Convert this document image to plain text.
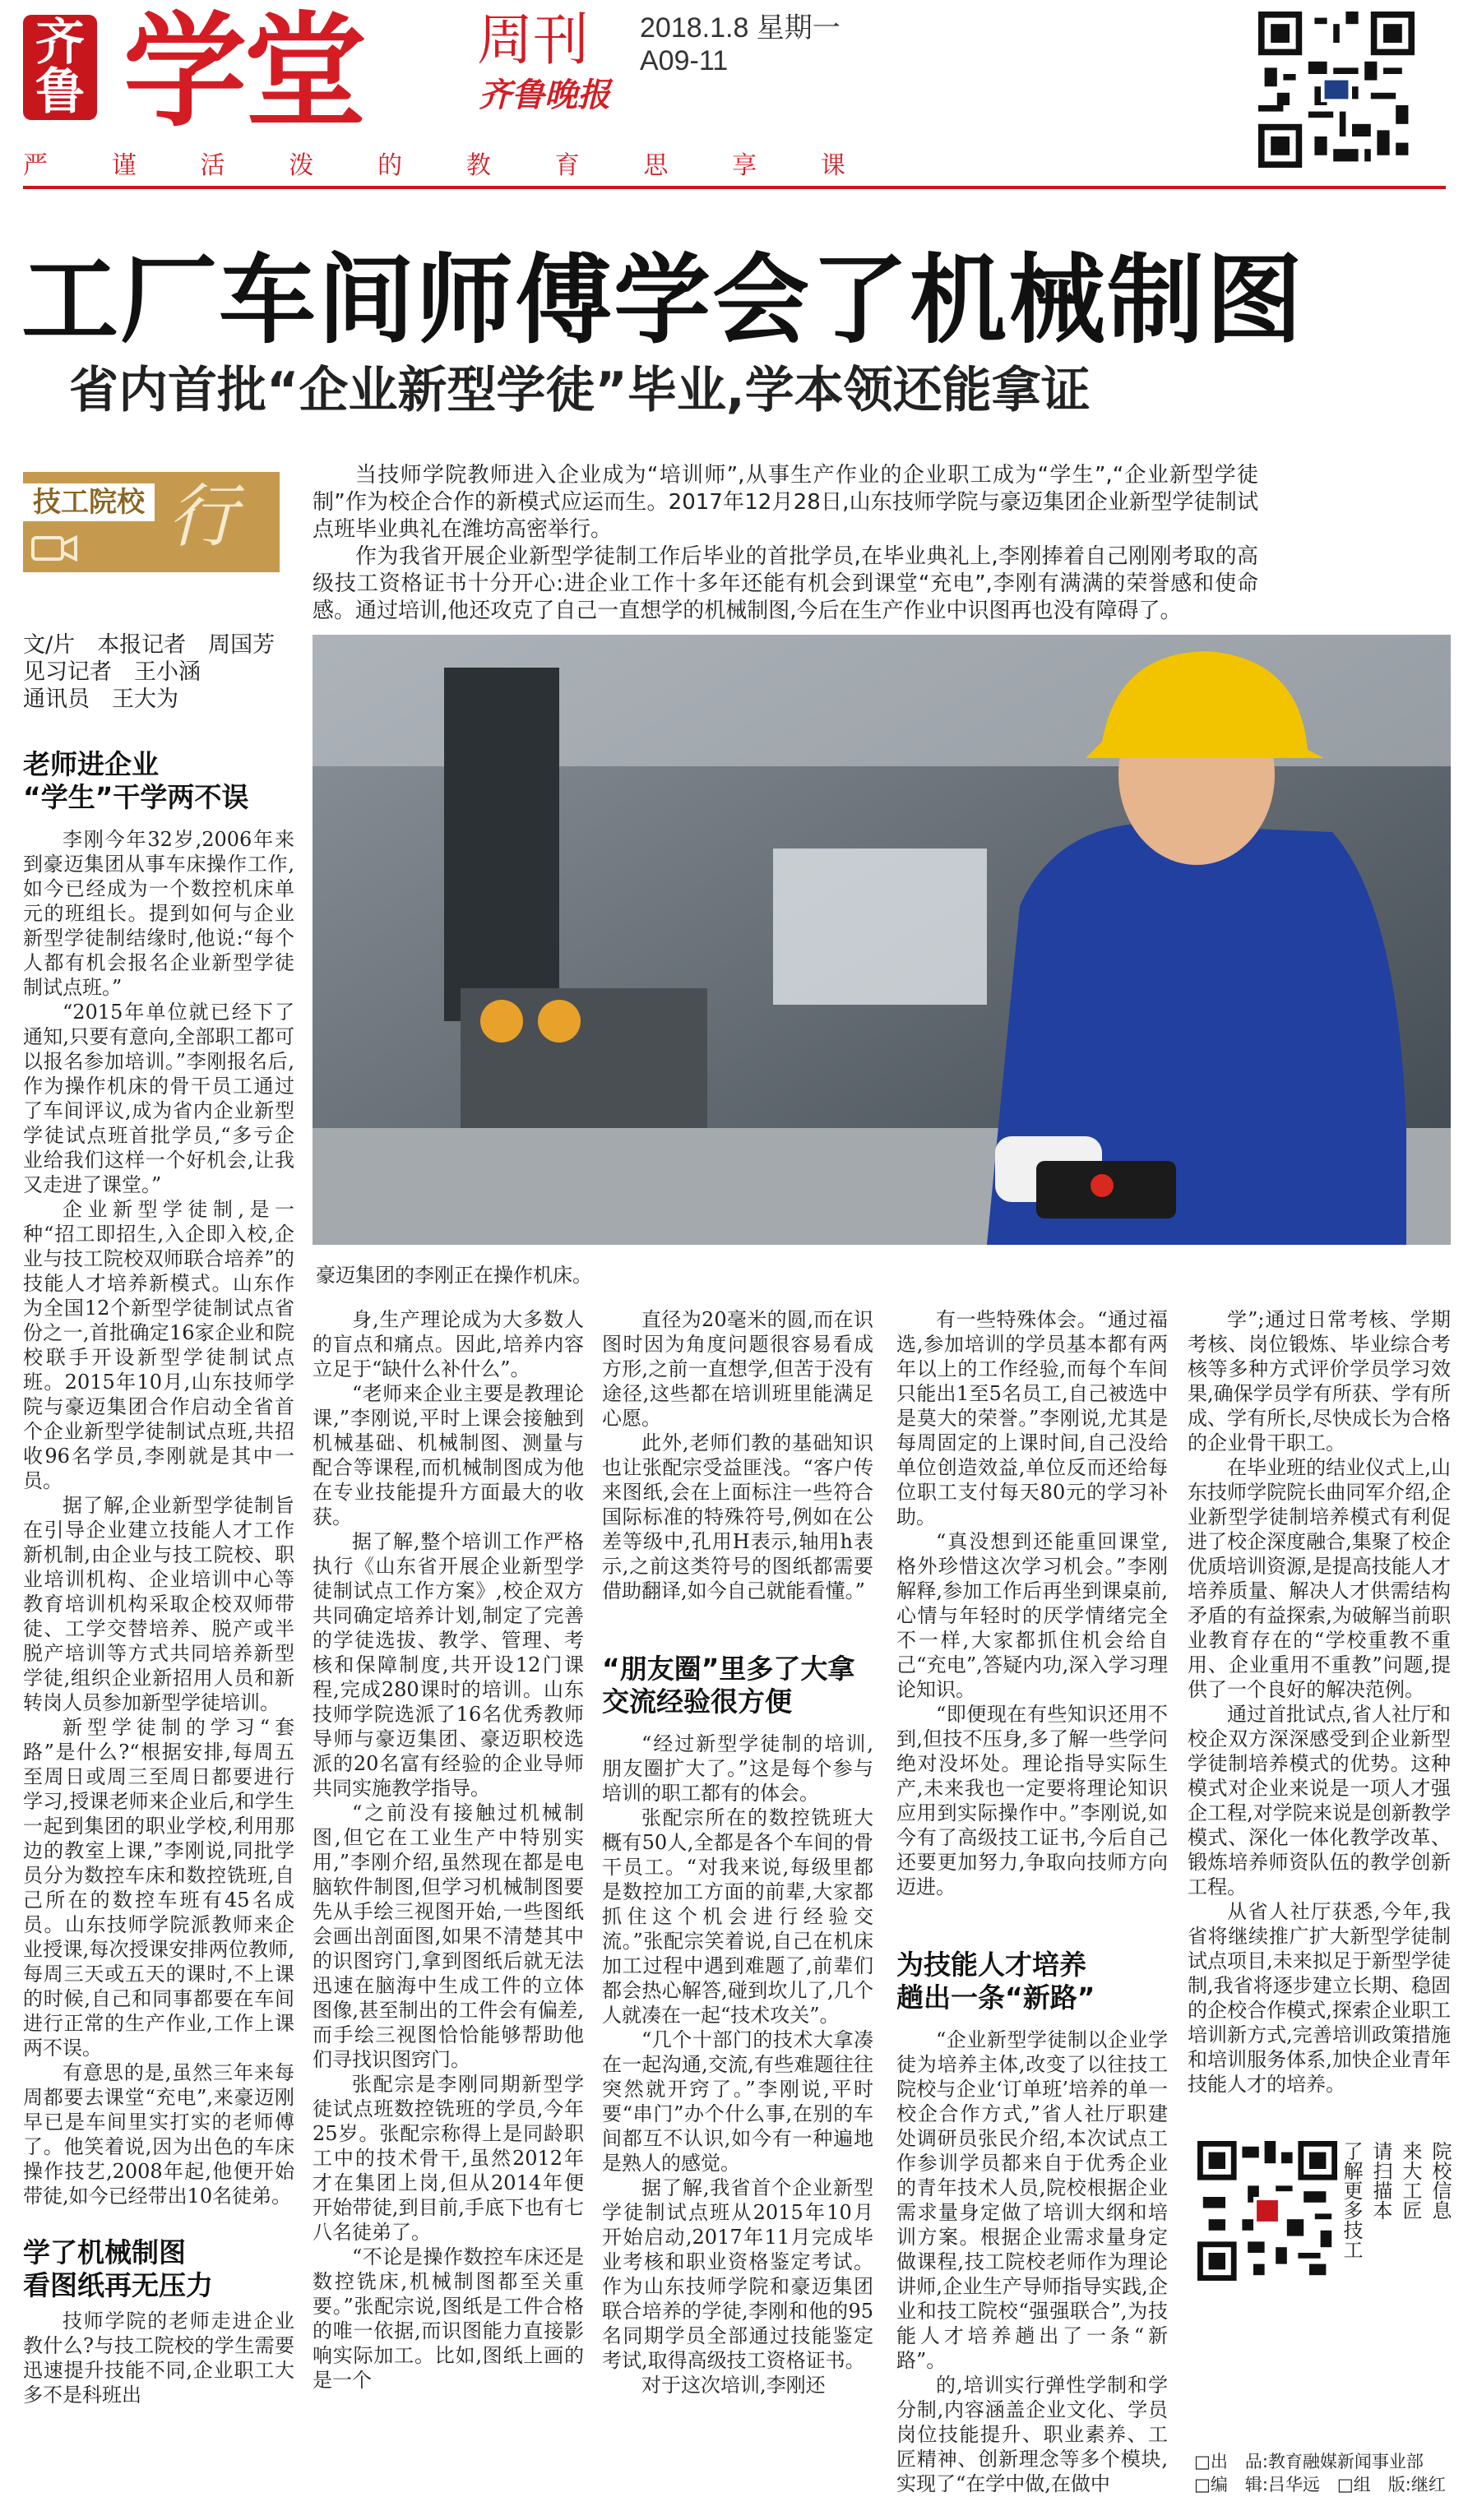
齐
鲁 学堂 周刊
齐鲁晚报
2018.1.8 星期一
A09-11
严	谨	活	泼	的	教	育	思	享	课
工厂车间师傅学会了机械制图
省内首批“企业新型学徒”毕业,学本领还能拿证
技工院校 行
当技师学院教师进入企业成为“培训师”,从事生产作业的企业职工成为“学生”,“企业新型学徒制”作为校企合作的新模式应运而生。2017年12月28日,山东技师学院与豪迈集团企业新型学徒制试点班毕业典礼在潍坊高密举行。
作为我省开展企业新型学徒制工作后毕业的首批学员,在毕业典礼上,李刚捧着自己刚刚考取的高级技工资格证书十分开心:进企业工作十多年还能有机会到课堂“充电”,李刚有满满的荣誉感和使命感。通过培训,他还攻克了自己一直想学的机械制图,今后在生产作业中识图再也没有障碍了。
文/片　本报记者　周国芳
见习记者　王小涵
通讯员　王大为
老师进企业
“学生”干学两不误

李刚今年32岁,2006年来到豪迈集团从事车床操作工作,如今已经成为一个数控机床单元的班组长。提到如何与企业新型学徒制结缘时,他说:“每个人都有机会报名企业新型学徒制试点班。”

“2015年单位就已经下了通知,只要有意向,全部职工都可以报名参加培训。”李刚报名后,作为操作机床的骨干员工通过了车间评议,成为省内企业新型学徒试点班首批学员,“多亏企业给我们这样一个好机会,让我又走进了课堂。”

企业新型学徒制,是一种“招工即招生,入企即入校,企业与技工院校双师联合培养”的技能人才培养新模式。山东作为全国12个新型学徒制试点省份之一,首批确定16家企业和院校联手开设新型学徒制试点班。2015年10月,山东技师学院与豪迈集团合作启动全省首个企业新型学徒制试点班,共招收96名学员,李刚就是其中一员。

据了解,企业新型学徒制旨在引导企业建立技能人才工作新机制,由企业与技工院校、职业培训机构、企业培训中心等教育培训机构采取企校双师带徒、工学交替培养、脱产或半脱产培训等方式共同培养新型学徒,组织企业新招用人员和新转岗人员参加新型学徒培训。

新型学徒制的学习“套路”是什么?“根据安排,每周五至周日或周三至周日都要进行学习,授课老师来企业后,和学生一起到集团的职业学校,利用那边的教室上课,”李刚说,同批学员分为数控车床和数控铣班,自己所在的数控车班有45名成员。山东技师学院派教师来企业授课,每次授课安排两位教师,每周三天或五天的课时,不上课的时候,自己和同事都要在车间进行正常的生产作业,工作上课两不误。

有意思的是,虽然三年来每周都要去课堂“充电”,来豪迈刚早已是车间里实打实的老师傅了。他笑着说,因为出色的车床操作技艺,2008年起,他便开始带徒,如今已经带出10名徒弟。

学了机械制图
看图纸再无压力

技师学院的老师走进企业教什么?与技工院校的学生需要迅速提升技能不同,企业职工大多不是科班出

豪迈集团的李刚正在操作机床。

身,生产理论成为大多数人的盲点和痛点。因此,培养内容立足于“缺什么补什么”。

“老师来企业主要是教理论课,”李刚说,平时上课会接触到机械基础、机械制图、测量与配合等课程,而机械制图成为他在专业技能提升方面最大的收获。

据了解,整个培训工作严格执行《山东省开展企业新型学徒制试点工作方案》,校企双方共同确定培养计划,制定了完善的学徒选拔、教学、管理、考核和保障制度,共开设12门课程,完成280课时的培训。山东技师学院选派了16名优秀教师导师与豪迈集团、豪迈职校选派的20名富有经验的企业导师共同实施教学指导。

“之前没有接触过机械制图,但它在工业生产中特别实用,”李刚介绍,虽然现在都是电脑软件制图,但学习机械制图要先从手绘三视图开始,一些图纸会画出剖面图,如果不清楚其中的识图窍门,拿到图纸后就无法迅速在脑海中生成工件的立体图像,甚至制出的工件会有偏差,而手绘三视图恰恰能够帮助他们寻找识图窍门。

张配宗是李刚同期新型学徒试点班数控铣班的学员,今年25岁。张配宗称得上是同龄职工中的技术骨干,虽然2012年才在集团上岗,但从2014年便开始带徒,到目前,手底下也有七八名徒弟了。

“不论是操作数控车床还是数控铣床,机械制图都至关重要。”张配宗说,图纸是工件合格的唯一依据,而识图能力直接影响实际加工。比如,图纸上画的是一个

直径为20毫米的圆,而在识图时因为角度问题很容易看成方形,之前一直想学,但苦于没有途径,这些都在培训班里能满足心愿。

此外,老师们教的基础知识也让张配宗受益匪浅。“客户传来图纸,会在上面标注一些符合国际标准的特殊符号,例如在公差等级中,孔用H表示,轴用h表示,之前这类符号的图纸都需要借助翻译,如今自己就能看懂。”

“朋友圈”里多了大拿
交流经验很方便

“经过新型学徒制的培训,朋友圈扩大了。”这是每个参与培训的职工都有的体会。

张配宗所在的数控铣班大概有50人,全都是各个车间的骨干员工。“对我来说,每级里都是数控加工方面的前辈,大家都抓住这个机会进行经验交流。”张配宗笑着说,自己在机床加工过程中遇到难题了,前辈们都会热心解答,碰到坎儿了,几个人就凑在一起“技术攻关”。

“几个十部门的技术大拿凑在一起沟通,交流,有些难题往往突然就开窍了。”李刚说,平时要“串门”办个什么事,在别的车间都互不认识,如今有一种遍地是熟人的感觉。

据了解,我省首个企业新型学徒制试点班从2015年10月开始启动,2017年11月完成毕业考核和职业资格鉴定考试。作为山东技师学院和豪迈集团联合培养的学徒,李刚和他的95名同期学员全部通过技能鉴定考试,取得高级技工资格证书。

对于这次培训,李刚还

有一些特殊体会。“通过福选,参加培训的学员基本都有两年以上的工作经验,而每个车间只能出1至5名员工,自己被选中是莫大的荣誉。”李刚说,尤其是每周固定的上课时间,自己没给单位创造效益,单位反而还给每位职工支付每天80元的学习补助。

“真没想到还能重回课堂,格外珍惜这次学习机会。”李刚解释,参加工作后再坐到课桌前,心情与年轻时的厌学情绪完全不一样,大家都抓住机会给自己“充电”,答疑内功,深入学习理论知识。

“即便现在有些知识还用不到,但技不压身,多了解一些学问绝对没坏处。理论指导实际生产,未来我也一定要将理论知识应用到实际操作中。”李刚说,如今有了高级技工证书,今后自己还要更加努力,争取向技师方向迈进。

为技能人才培养
趟出一条“新路”

“企业新型学徒制以企业学徒为培养主体,改变了以往技工院校与企业‘订单班’培养的单一校企合作方式,”省人社厅职建处调研员张民介绍,本次试点工作参训学员都来自于优秀企业的青年技术人员,院校根据企业需求量身定做了培训大纲和培训方案。根据企业需求量身定做课程,技工院校老师作为理论讲师,企业生产导师指导实践,企业和技工院校“强强联合”,为技能人才培养趟出了一条“新路”。

的,培训实行弹性学制和学分制,内容涵盖企业文化、学员岗位技能提升、职业素养、工匠精神、创新理念等多个模块,实现了“在学中做,在做中

学”;通过日常考核、学期考核、岗位锻炼、毕业综合考核等多种方式评价学员学习效果,确保学员学有所获、学有所成、学有所长,尽快成长为合格的企业骨干职工。

在毕业班的结业仪式上,山东技师学院院长曲同军介绍,企业新型学徒制培养模式有利促进了校企深度融合,集聚了校企优质培训资源,是提高技能人才培养质量、解决人才供需结构矛盾的有益探索,为破解当前职业教育存在的“学校重教不重用、企业重用不重教”问题,提供了一个良好的解决范例。

通过首批试点,省人社厅和校企双方深深感受到企业新型学徒制培养模式的优势。这种模式对企业来说是一项人才强企工程,对学院来说是创新教学模式、深化一体化教学改革、锻炼培养师资队伍的教学创新工程。

从省人社厅获悉,今年,我省将继续推广扩大新型学徒制试点项目,未来拟足于新型学徒制,我省将逐步建立长期、稳固的企校合作模式,探索企业职工培训新方式,完善培训政策措施和培训服务体系,加快企业青年技能人才的培养。

院校信息
来大工匠
请扫描本
了解更多技工
□出　品:教育融媒新闻事业部
□编　辑:吕华远　□组　版:继红
